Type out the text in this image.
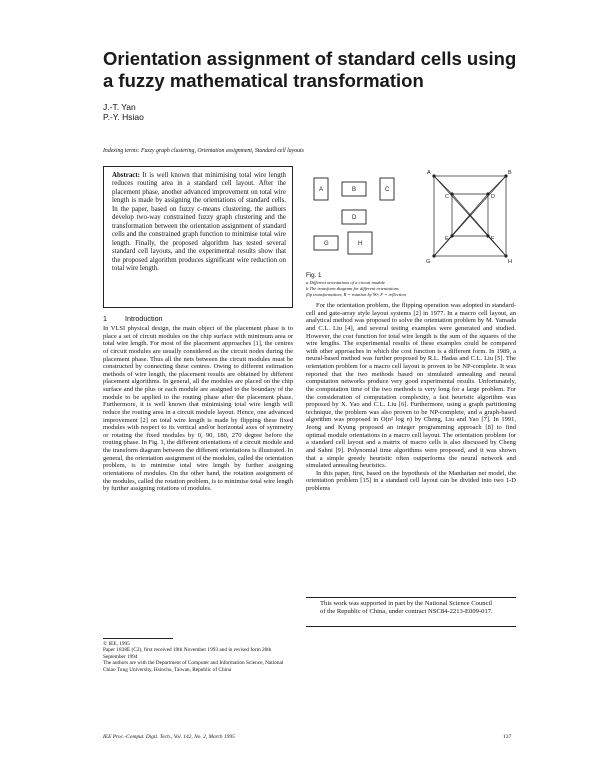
Orientation assignment of standard cells using a fuzzy mathematical transformation
J.-T. Yan
P.-Y. Hsiao
Indexing terms: Fuzzy graph clustering, Orientation assignment, Standard cell layouts
Abstract: It is well known that minimising total wire length reduces routing area in a standard cell layout. After the placement phase, another advanced improvement on total wire length is made by assigning the orientations of standard cells. In the paper, based on fuzzy c-means clustering, the authors develop two-way constrained fuzzy graph clustering and the transformation between the orientation assignment of standard cells and the constrained graph function to minimise total wire length. Finally, the proposed algorithm has tested several standard cell layouts, and the experimental results show that the proposed algorithm produces significant wire reduction on total wire length.
1	Introduction
In VLSI physical design, the main object of the placement phase is to place a set of circuit modules on the chip surface with minimum area or total wire length. For most of the placement approaches [1], the centres of circuit modules are usually considered as the circuit nodes during the placement phase. Thus all the nets between the circuit modules must be constructed by connecting these centres. Owing to different estimation methods of wire length, the placement results are obtained by different placement algorithms. In general, all the modules are placed on the chip surface and the plus or each module are assigned to the boundary of the module to be applied to the routing phase after the placement phase. Furthermore, it is well known that minimising total wire length will reduce the routing area in a circuit module layout. Hence, one advanced improvement [2] on total wire length is made by flipping these fixed modules with respect to its vertical and/or horizontal axes of symmetry or rotating the fixed modules by 0, 90, 180, 270 degree before the routing phase. In Fig. 1, the different orientations of a circuit module and the transform diagram between the different orientations is illustrated. In general, the orientation assignment of the modules, called the orientation problem, is to minimise total wire length by further assigning orientations of modules. On the other hand, the rotation assignment of the modules, called the rotation problem, is to minimise total wire length by further assigning rotations of modules.
© IEE, 1995
Paper 1838E (C2), first received 19th November 1993 and in revised form 20th September 1994
The authors are with the Department of Computer and Information Science, National Chiao Tung University, Hsinchu, Taiwan, Republic of China
A	B	C
D
G	H
A	B
C	D
E	F
G	H
Fig. 1
a Different orientations of a circuit module
b The transform diagram for different orientations
flip transformation; R = rotation by 90; F = reflection
For the orientation problem, the flipping operation was adopted in standard-cell and gate-array style layout systems [2] in 1977. In a macro cell layout, an analytical method was proposed to solve the orientation problem by M. Yamada and C.L. Liu [4], and several testing examples were generated and studied. However, the cost function for total wire length is the sum of the squares of the wire lengths. The experimental results of these examples could be compared with other approaches in which the cost function is a different form. In 1989, a neural-based method was further proposed by R.L. Hadas and C.L. Liu [5]. The orientation problem for a macro cell layout is proven to be NP-complete. It was reported that the two methods based on simulated annealing and neural computation networks produce very good experimental results. Unfortunately, the computation time of the two methods is very long for a large problem. For the consideration of computation complexity, a fast heuristic algorithm was proposed by X. Yao and C.L. Liu [6]. Furthermore, using a graph partitioning technique, the problem was also proven to be NP-complete, and a graph-based algorithm was proposed in O(n² log n) by Cheng, Liu and Yao [7]. In 1991, Jeong and Kyung proposed an integer programming approach [8] to find optimal module orientations in a macro cell layout. The orientation problem for a standard cell layout and a matrix of macro cells is also discussed by Cheng and Sahni [9]. Polynomial time algorithms were proposed, and it was shown that a simple greedy heuristic often outperforms the neural network and simulated annealing heuristics.
In this paper, first, based on the hypothesis of the Manhattan net model, the orientation problem [15] in a standard cell layout can be divided into two 1-D problems
This work was supported in part by the National Science Council of the Republic of China, under contract NSC84-2213-E009-017.
IEE Proc.-Comput. Digit. Tech., Vol. 142, No. 2, March 1995	137
